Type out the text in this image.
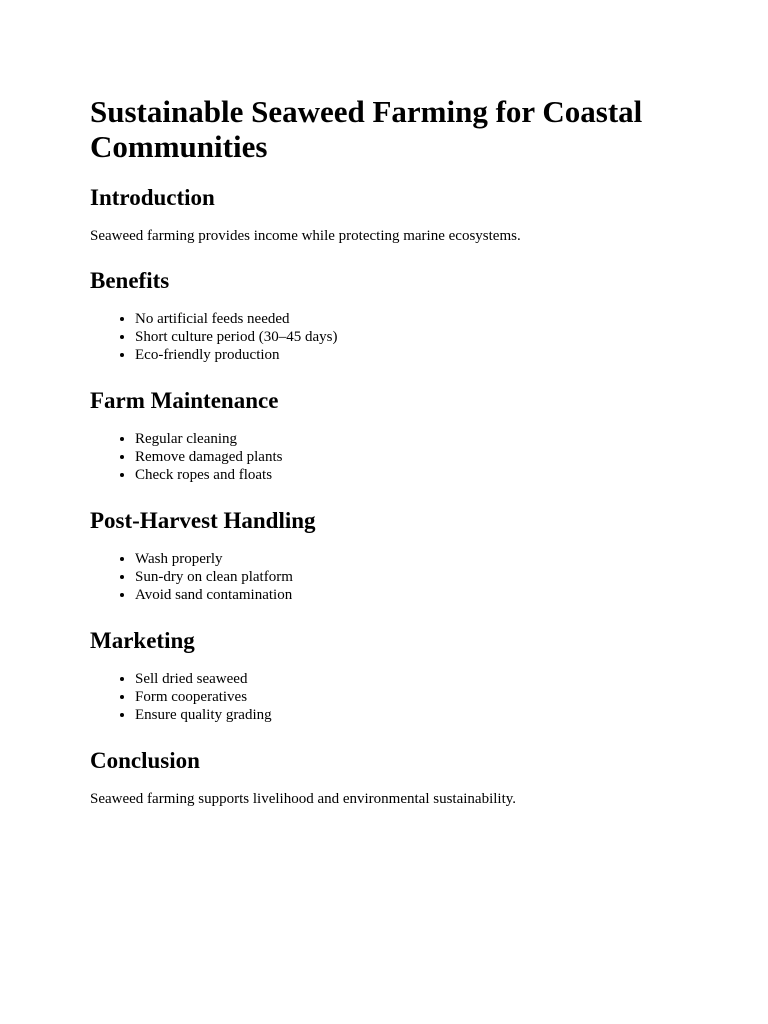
Sustainable Seaweed Farming for Coastal Communities
Introduction

Seaweed farming provides income while protecting marine ecosystems.

Benefits
• No artificial feeds needed
• Short culture period (30–45 days)
• Eco-friendly production
Farm Maintenance
• Regular cleaning
• Remove damaged plants
• Check ropes and floats
Post-Harvest Handling
• Wash properly
• Sun-dry on clean platform
• Avoid sand contamination
Marketing
• Sell dried seaweed
• Form cooperatives
• Ensure quality grading
Conclusion

Seaweed farming supports livelihood and environmental sustainability.
